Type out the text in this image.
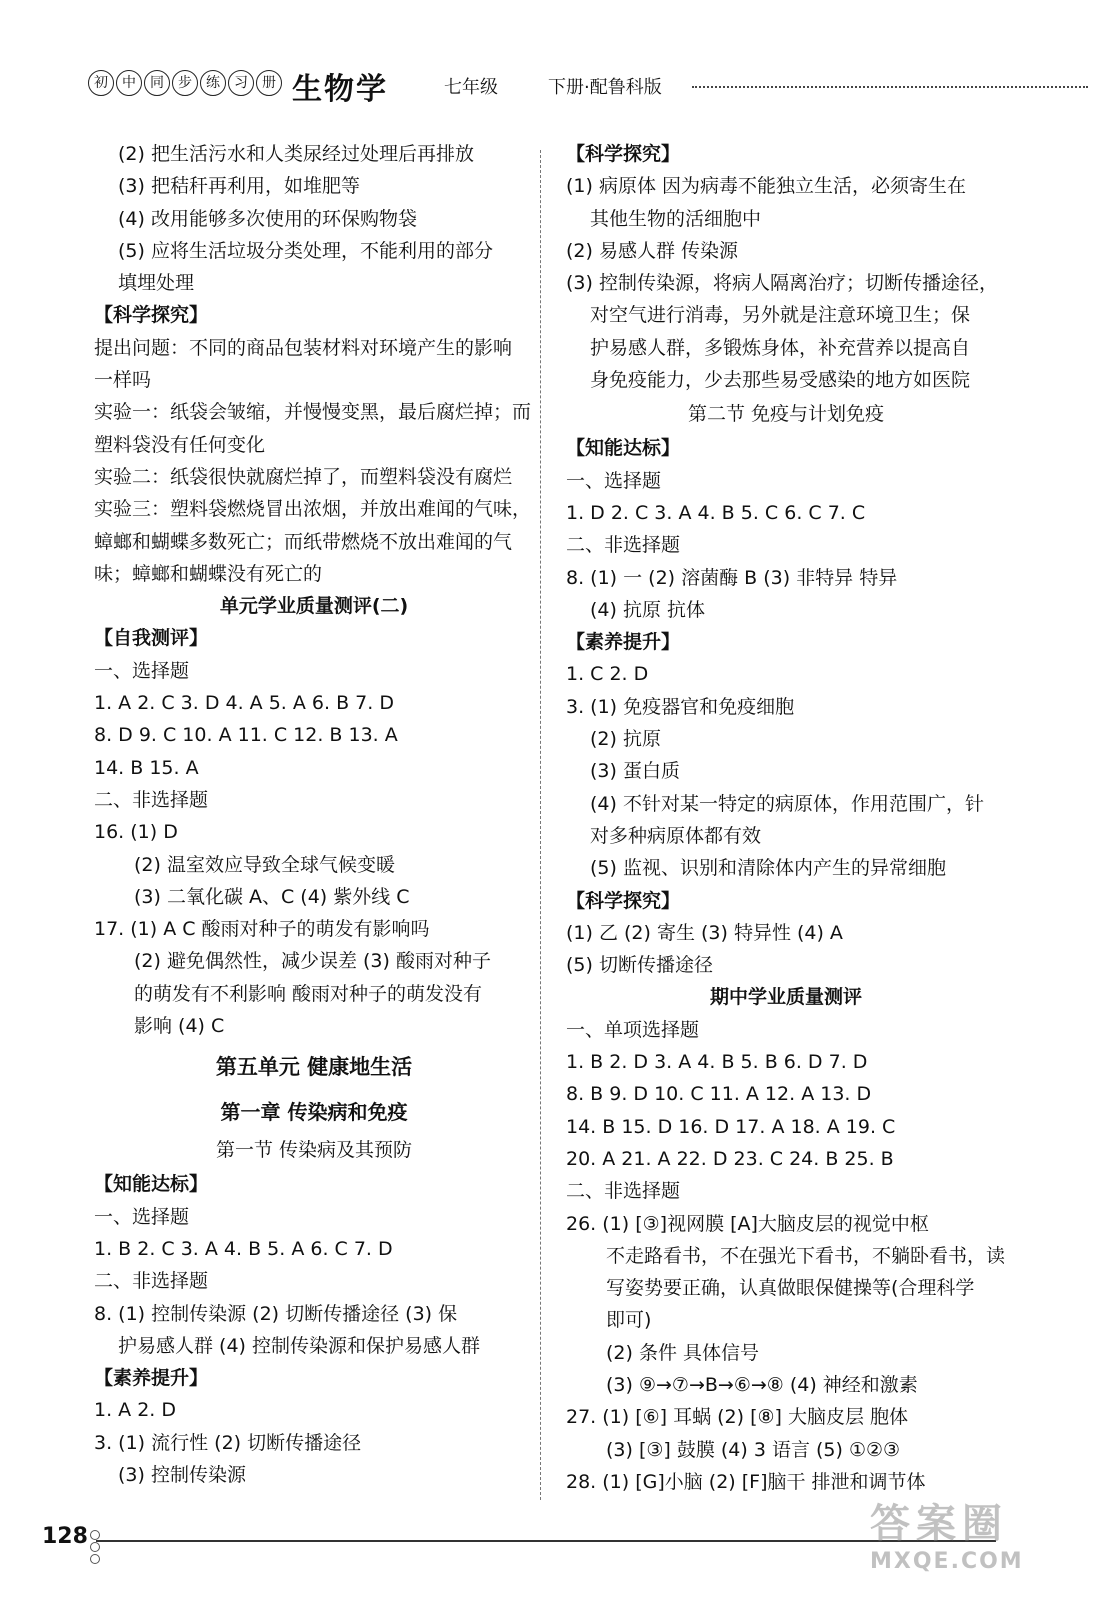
初	中	同	步	练	习	册 生物学	七年级	下册·配鲁科版
(2) 把生活污水和人类尿经过处理后再排放
(3) 把秸秆再利用，如堆肥等
(4) 改用能够多次使用的环保购物袋
(5) 应将生活垃圾分类处理，不能利用的部分
填埋处理
【科学探究】
提出问题：不同的商品包装材料对环境产生的影响
一样吗
实验一：纸袋会皱缩，并慢慢变黑，最后腐烂掉；而
塑料袋没有任何变化
实验二：纸袋很快就腐烂掉了，而塑料袋没有腐烂
实验三：塑料袋燃烧冒出浓烟，并放出难闻的气味，
蟑螂和蝴蝶多数死亡；而纸带燃烧不放出难闻的气
味；蟑螂和蝴蝶没有死亡的
单元学业质量测评(二)
【自我测评】
一、选择题
1. A 2. C 3. D 4. A 5. A 6. B 7. D
8. D 9. C 10. A 11. C 12. B 13. A
14. B 15. A
二、非选择题
16. (1) D
(2) 温室效应导致全球气候变暖
(3) 二氧化碳 A、C (4) 紫外线 C
17. (1) A C 酸雨对种子的萌发有影响吗
(2) 避免偶然性，减少误差 (3) 酸雨对种子
的萌发有不利影响 酸雨对种子的萌发没有
影响 (4) C
第五单元 健康地生活
第一章 传染病和免疫
第一节 传染病及其预防
【知能达标】
一、选择题
1. B 2. C 3. A 4. B 5. A 6. C 7. D
二、非选择题
8. (1) 控制传染源 (2) 切断传播途径 (3) 保
护易感人群 (4) 控制传染源和保护易感人群
【素养提升】
1. A 2. D
3. (1) 流行性 (2) 切断传播途径
(3) 控制传染源
【科学探究】
(1) 病原体 因为病毒不能独立生活，必须寄生在
其他生物的活细胞中
(2) 易感人群 传染源
(3) 控制传染源，将病人隔离治疗；切断传播途径，
对空气进行消毒，另外就是注意环境卫生；保
护易感人群，多锻炼身体，补充营养以提高自
身免疫能力，少去那些易受感染的地方如医院
第二节 免疫与计划免疫
【知能达标】
一、选择题
1. D 2. C 3. A 4. B 5. C 6. C 7. C
二、非选择题
8. (1) 一 (2) 溶菌酶 B (3) 非特异 特异
(4) 抗原 抗体
【素养提升】
1. C 2. D
3. (1) 免疫器官和免疫细胞
(2) 抗原
(3) 蛋白质
(4) 不针对某一特定的病原体，作用范围广，针
对多种病原体都有效
(5) 监视、识别和清除体内产生的异常细胞
【科学探究】
(1) 乙 (2) 寄生 (3) 特异性 (4) A
(5) 切断传播途径
期中学业质量测评
一、单项选择题
1. B 2. D 3. A 4. B 5. B 6. D 7. D
8. B 9. D 10. C 11. A 12. A 13. D
14. B 15. D 16. D 17. A 18. A 19. C
20. A 21. A 22. D 23. C 24. B 25. B
二、非选择题
26. (1) [③]视网膜 [A]大脑皮层的视觉中枢
不走路看书，不在强光下看书，不躺卧看书，读
写姿势要正确，认真做眼保健操等(合理科学
即可)
(2) 条件 具体信号
(3) ⑨→⑦→B→⑥→⑧ (4) 神经和激素
27. (1) [⑥] 耳蜗 (2) [⑧] 大脑皮层 胞体
(3) [③] 鼓膜 (4) 3 语言 (5) ①②③
28. (1) [G]小脑 (2) [F]脑干 排泄和调节体
128	答案圈
MXQE.COM
